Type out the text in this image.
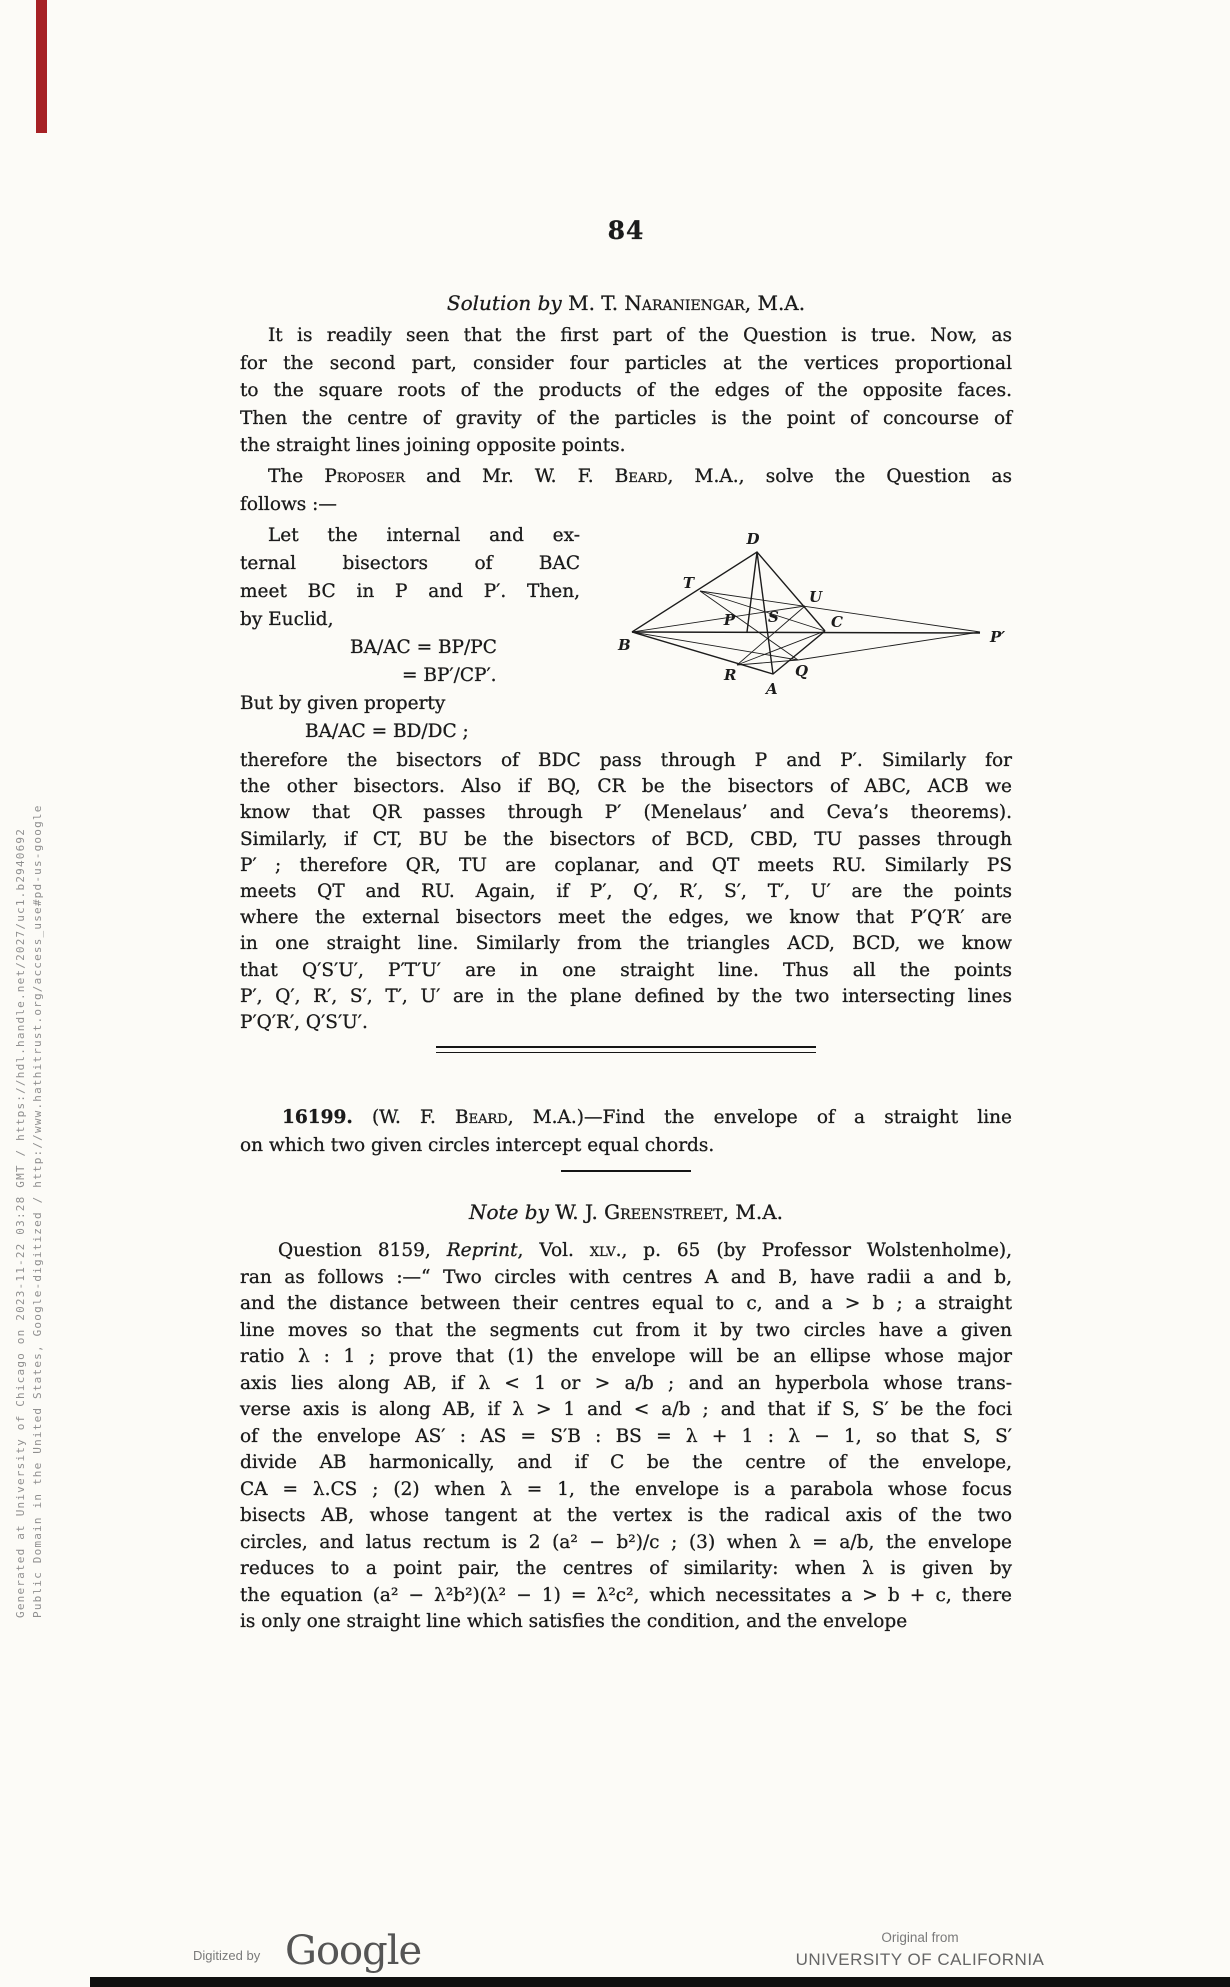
84
Solution by M. T. Naraniengar, M.A.
It is readily seen that the first part of the Question is true. Now, as
for the second part, consider four particles at the vertices proportional
to the square roots of the products of the edges of the opposite faces.
Then the centre of gravity of the particles is the point of concourse of
the straight lines joining opposite points.
The Proposer and Mr. W. F. Beard, M.A., solve the Question as
follows :—
Let the internal and ex-
ternal bisectors of BAC
meet BC in P and P′. Then,
by Euclid,
BA/AC = BP/PC
= BP′/CP′.
But by given property
BA/AC = BD/DC ;
D
T
U
P S	C
B	P′
R	Q
A
therefore the bisectors of BDC pass through P and P′. Similarly for
the other bisectors. Also if BQ, CR be the bisectors of ABC, ACB we
know that QR passes through P′ (Menelaus’ and Ceva’s theorems).
Similarly, if CT, BU be the bisectors of BCD, CBD, TU passes through
P′ ; therefore QR, TU are coplanar, and QT meets RU. Similarly PS
meets QT and RU. Again, if P′, Q′, R′, S′, T′, U′ are the points
where the external bisectors meet the edges, we know that P′Q′R′ are
in one straight line. Similarly from the triangles ACD, BCD, we know
that Q′S′U′, P′T′U′ are in one straight line. Thus all the points
P′, Q′, R′, S′, T′, U′ are in the plane defined by the two intersecting lines
P′Q′R′, Q′S′U′.
16199. (W. F. Beard, M.A.)—Find the envelope of a straight line
on which two given circles intercept equal chords.
Note by W. J. Greenstreet, M.A.
Question 8159, Reprint, Vol. xlv., p. 65 (by Professor Wolstenholme),
ran as follows :—“ Two circles with centres A and B, have radii a and b,
and the distance between their centres equal to c, and a > b ; a straight
line moves so that the segments cut from it by two circles have a given
ratio λ : 1 ; prove that (1) the envelope will be an ellipse whose major
axis lies along AB, if λ < 1 or > a/b ; and an hyperbola whose trans-
verse axis is along AB, if λ > 1 and < a/b ; and that if S, S′ be the foci
of the envelope AS′ : AS = S′B : BS = λ + 1 : λ − 1, so that S, S′
divide AB harmonically, and if C be the centre of the envelope,
CA = λ.CS ; (2) when λ = 1, the envelope is a parabola whose focus
bisects AB, whose tangent at the vertex is the radical axis of the two
circles, and latus rectum is 2 (a² − b²)/c ; (3) when λ = a/b, the envelope
reduces to a point pair, the centres of similarity: when λ is given by
the equation (a² − λ²b²)(λ² − 1) = λ²c², which necessitates a > b + c, there
is only one straight line which satisfies the condition, and the envelope
Generated at University of Chicago on 2023-11-22 03:28 GMT / https://hdl.handle.net/2027/uc1.b2940692 Public Domain in the United States, Google-digitized / http://www.hathitrust.org/access_use#pd-us-google
Digitized by Google	Original from
UNIVERSITY OF CALIFORNIA
